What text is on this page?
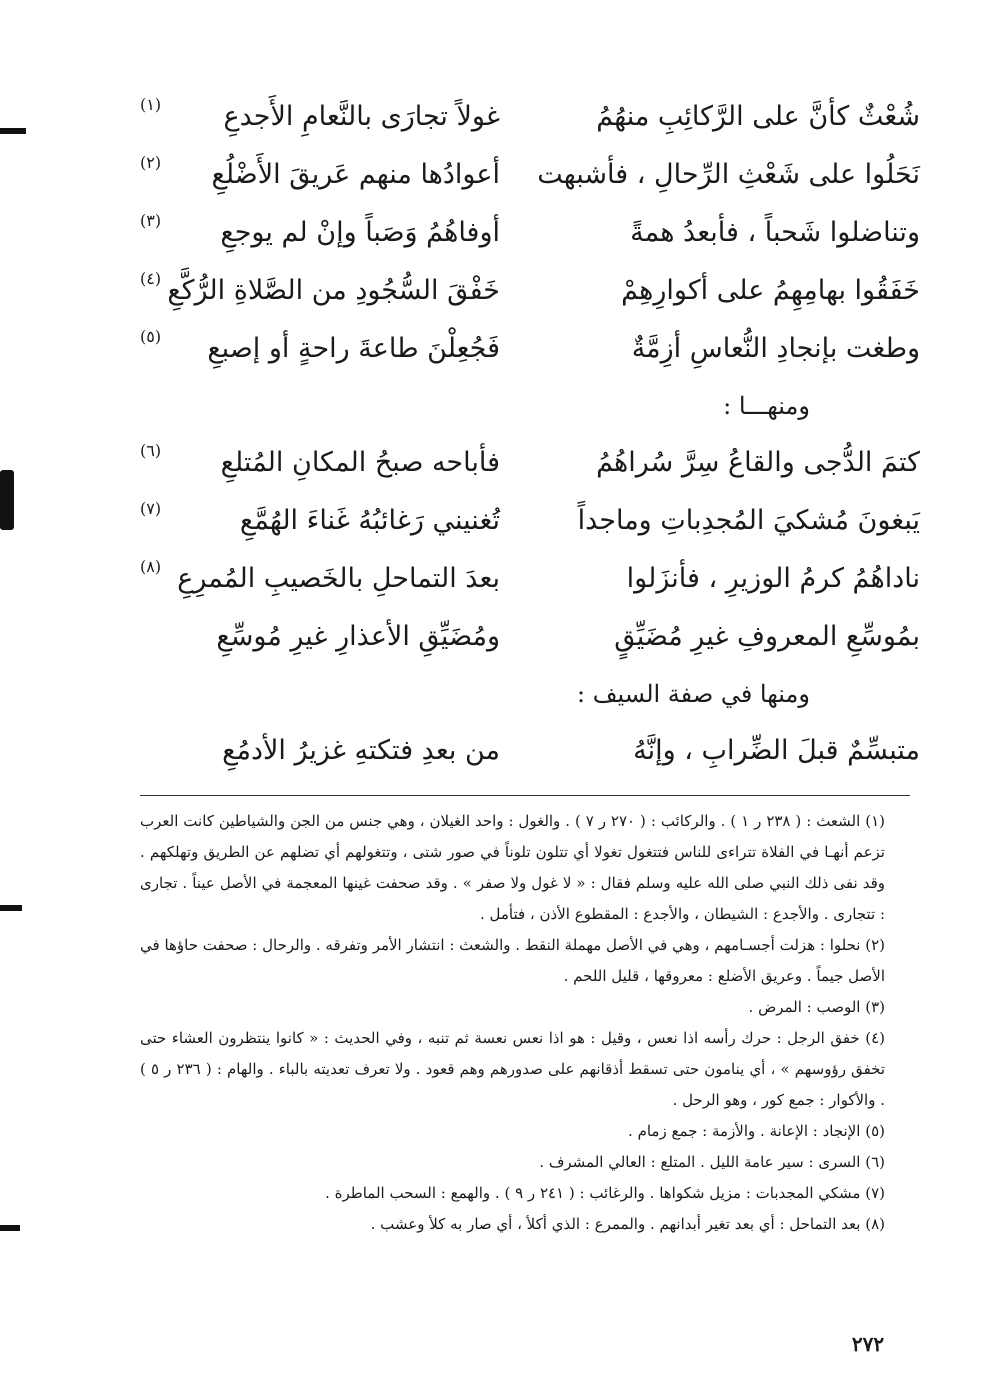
شُعْثٌ كأنَّ على الرَّكائِبِ منهُمُ
غولاً تجارَى بالنَّعامِ الأَجدعِ
(١)
نَحَلُوا على شَعْثِ الرِّحالِ ، فأشبهت
أعوادُها منهم عَريقَ الأَضْلُعِ
(٢)
وتناضلوا شَحباً ، فأبعدُ همةً
أوفاهُمُ وَصَباً وإنْ لم يوجعِ
(٣)
خَفَقُوا بهامِهِمُ على أكوارِهِمْ
خَفْقَ السُّجُودِ من الصَّلاةِ الرُّكَّعِ
(٤)
وطغت بإنجادِ النُّعاسِ أزِمَّةٌ
فَجُعِلْنَ طاعةَ راحةٍ أو إصبعِ
(٥)
ومنهـــا :
كتمَ الدُّجى والقاعُ سِرَّ سُراهُمُ
فأباحه صبحُ المكانِ المُتلعِ
(٦)
يَبغونَ مُشكيَ المُجدِباتِ وماجداً
تُغنيني رَغائبُهُ غَناءَ الهُمَّعِ
(٧)
ناداهُمُ كرمُ الوزيرِ ، فأنزَلوا
بعدَ التماحلِ بالخَصيبِ المُمرِعِ
(٨)
بمُوسِّعِ المعروفِ غيرِ مُضَيِّقٍ
ومُضَيِّقِ الأعذارِ غيرِ مُوسِّعِ
ومنها في صفة السيف :
متبسِّمٌ قبلَ الضِّرابِ ، وإنَّهُ
من بعدِ فتكتهِ غزيرُ الأدمُعِ

(١) الشعث : ( ٢٣٨ ر ١ ) . والركائب : ( ٢٧٠ ر ٧ ) . والغول : واحد الغيلان ، وهي جنس من الجن والشياطين كانت العرب تزعم أنهـا في الفلاة تتراءى للناس فتتغول تغولا أي تتلون تلوناً في صور شتى ، وتتغولهم أي تضلهم عن الطريق وتهلكهم . وقد نفى ذلك النبي صلى الله عليه وسلم فقال : « لا غول ولا صفر » . وقد صحفت غينها المعجمة في الأصل عيناً . تجارى : تتجارى . والأجدع : الشيطان ، والأجدع : المقطوع الأذن ، فتأمل .

(٢) نحلوا : هزلت أجسـامهم ، وهي في الأصل مهملة النقط . والشعث : انتشار الأمر وتفرقه . والرحال : صحفت حاؤها في الأصل جيماً . وعريق الأضلع : معروقها ، قليل اللحم .

(٣) الوصب : المرض .

(٤) خفق الرجل : حرك رأسه اذا نعس ، وقيل : هو اذا نعس نعسة ثم تنبه ، وفي الحديث : « كانوا ينتظرون العشاء حتى تخفق رؤوسهم » ، أي ينامون حتى تسقط أذقانهم على صدورهم وهم قعود . ولا تعرف تعديته بالباء . والهام : ( ٢٣٦ ر ٥ ) . والأكوار : جمع كور ، وهو الرحل .

(٥) الإنجاد : الإعانة . والأزمة : جمع زمام .

(٦) السرى : سير عامة الليل . المتلع : العالي المشرف .

(٧) مشكي المجدبات : مزيل شكواها . والرغائب : ( ٢٤١ ر ٩ ) . والهمع : السحب الماطرة .

(٨) بعد التماحل : أي بعد تغير أبدانهم . والممرع : الذي أكلأ ، أي صار به كلأ وعشب .

٢٧٢
